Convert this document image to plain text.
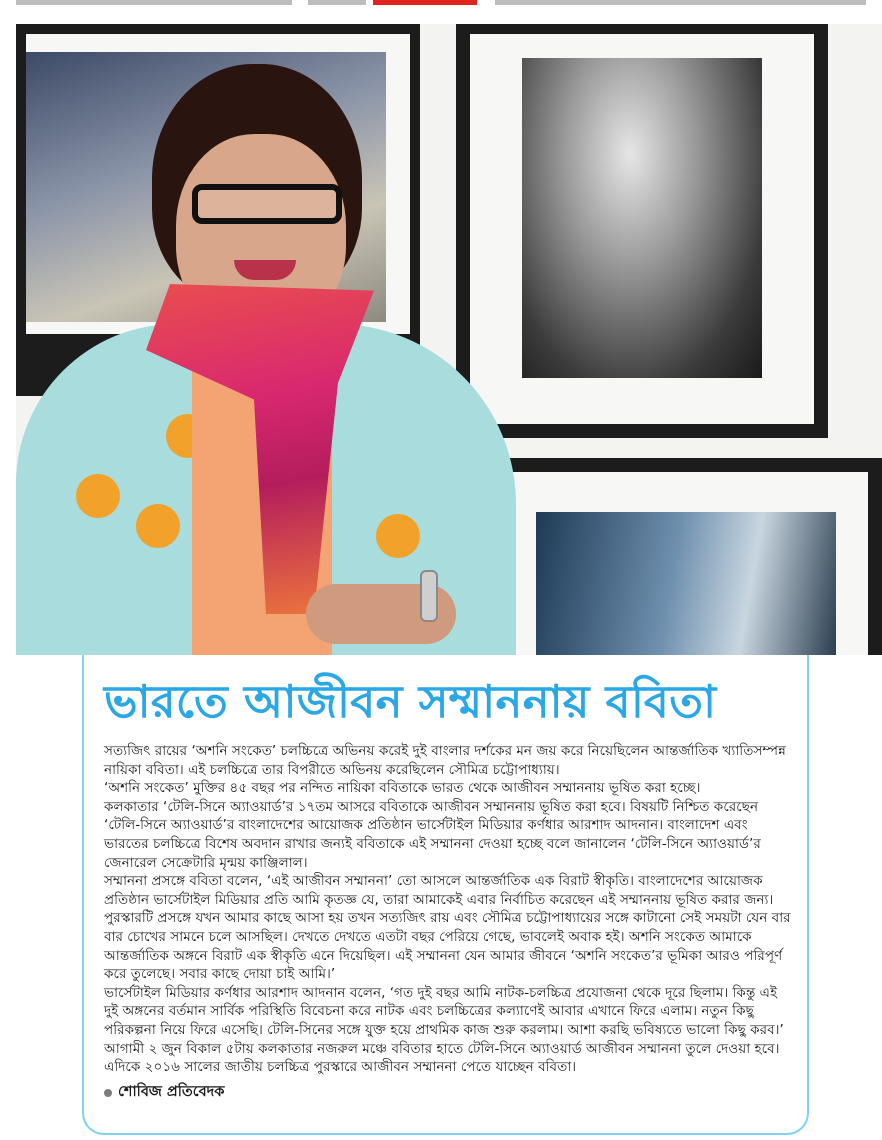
ভারতে আজীবন সম্মাননায় ববিতা

সত্যজিৎ রায়ের ‘অশনি সংকেত’ চলচ্চিত্রে অভিনয় করেই দুই বাংলার দর্শকের মন জয় করে নিয়েছিলেন আন্তর্জাতিক খ্যাতিসম্পন্ন নায়িকা ববিতা। এই চলচ্চিত্রে তার বিপরীতে অভিনয় করেছিলেন সৌমিত্র চট্টোপাধ্যায়।

‘অশনি সংকেত’ মুক্তির ৪৫ বছর পর নন্দিত নায়িকা ববিতাকে ভারত থেকে আজীবন সম্মাননায় ভূষিত করা হচ্ছে।

কলকাতার ‘টেলি-সিনে অ্যাওয়ার্ড’র ১৭তম আসরে ববিতাকে আজীবন সম্মাননায় ভূষিত করা হবে। বিষয়টি নিশ্চিত করেছেন ‘টেলি-সিনে অ্যাওয়ার্ড’র বাংলাদেশের আয়োজক প্রতিষ্ঠান ভার্সেটাইল মিডিয়ার কর্ণধার আরশাদ আদনান। বাংলাদেশ এবং ভারতের চলচ্চিত্রে বিশেষ অবদান রাখার জন্যই ববিতাকে এই সম্মাননা দেওয়া হচ্ছে বলে জানালেন ‘টেলি-সিনে অ্যাওয়ার্ড’র জেনারেল সেক্রেটারি মৃন্ময় কাঞ্জিলাল।

সম্মাননা প্রসঙ্গে ববিতা বলেন, ‘এই আজীবন সম্মাননা’ তো আসলে আন্তর্জাতিক এক বিরাট স্বীকৃতি। বাংলাদেশের আয়োজক প্রতিষ্ঠান ভার্সেটাইল মিডিয়ার প্রতি আমি কৃতজ্ঞ যে, তারা আমাকেই এবার নির্বাচিত করেছেন এই সম্মাননায় ভূষিত করার জন্য। পুরস্কারটি প্রসঙ্গে যখন আমার কাছে আসা হয় তখন সত্যজিৎ রায় এবং সৌমিত্র চট্টোপাধ্যায়ের সঙ্গে কাটানো সেই সময়টা যেন বার বার চোখের সামনে চলে আসছিল। দেখতে দেখতে এতটা বছর পেরিয়ে গেছে, ভাবলেই অবাক হই। অশনি সংকেত আমাকে আন্তর্জাতিক অঙ্গনে বিরাট এক স্বীকৃতি এনে দিয়েছিল। এই সম্মাননা যেন আমার জীবনে ‘অশনি সংকেত’র ভূমিকা আরও পরিপূর্ণ করে তুলেছে। সবার কাছে দোয়া চাই আমি।’

ভার্সেটাইল মিডিয়ার কর্ণধার আরশাদ আদনান বলেন, ‘গত দুই বছর আমি নাটক-চলচ্চিত্র প্রযোজনা থেকে দূরে ছিলাম। কিন্তু এই দুই অঙ্গনের বর্তমান সার্বিক পরিস্থিতি বিবেচনা করে নাটক এবং চলচ্চিত্রের কল্যাণেই আবার এখানে ফিরে এলাম। নতুন কিছু পরিকল্পনা নিয়ে ফিরে এসেছি। টেলি-সিনের সঙ্গে যুক্ত হয়ে প্রাথমিক কাজ শুরু করলাম। আশা করছি ভবিষ্যতে ভালো কিছু করব।’ আগামী ২ জুন বিকাল ৫টায় কলকাতার নজরুল মঞ্চে ববিতার হাতে টেলি-সিনে অ্যাওয়ার্ড আজীবন সম্মাননা তুলে দেওয়া হবে। এদিকে ২০১৬ সালের জাতীয় চলচ্চিত্র পুরস্কারে আজীবন সম্মাননা পেতে যাচ্ছেন ববিতা।

শোবিজ প্রতিবেদক
